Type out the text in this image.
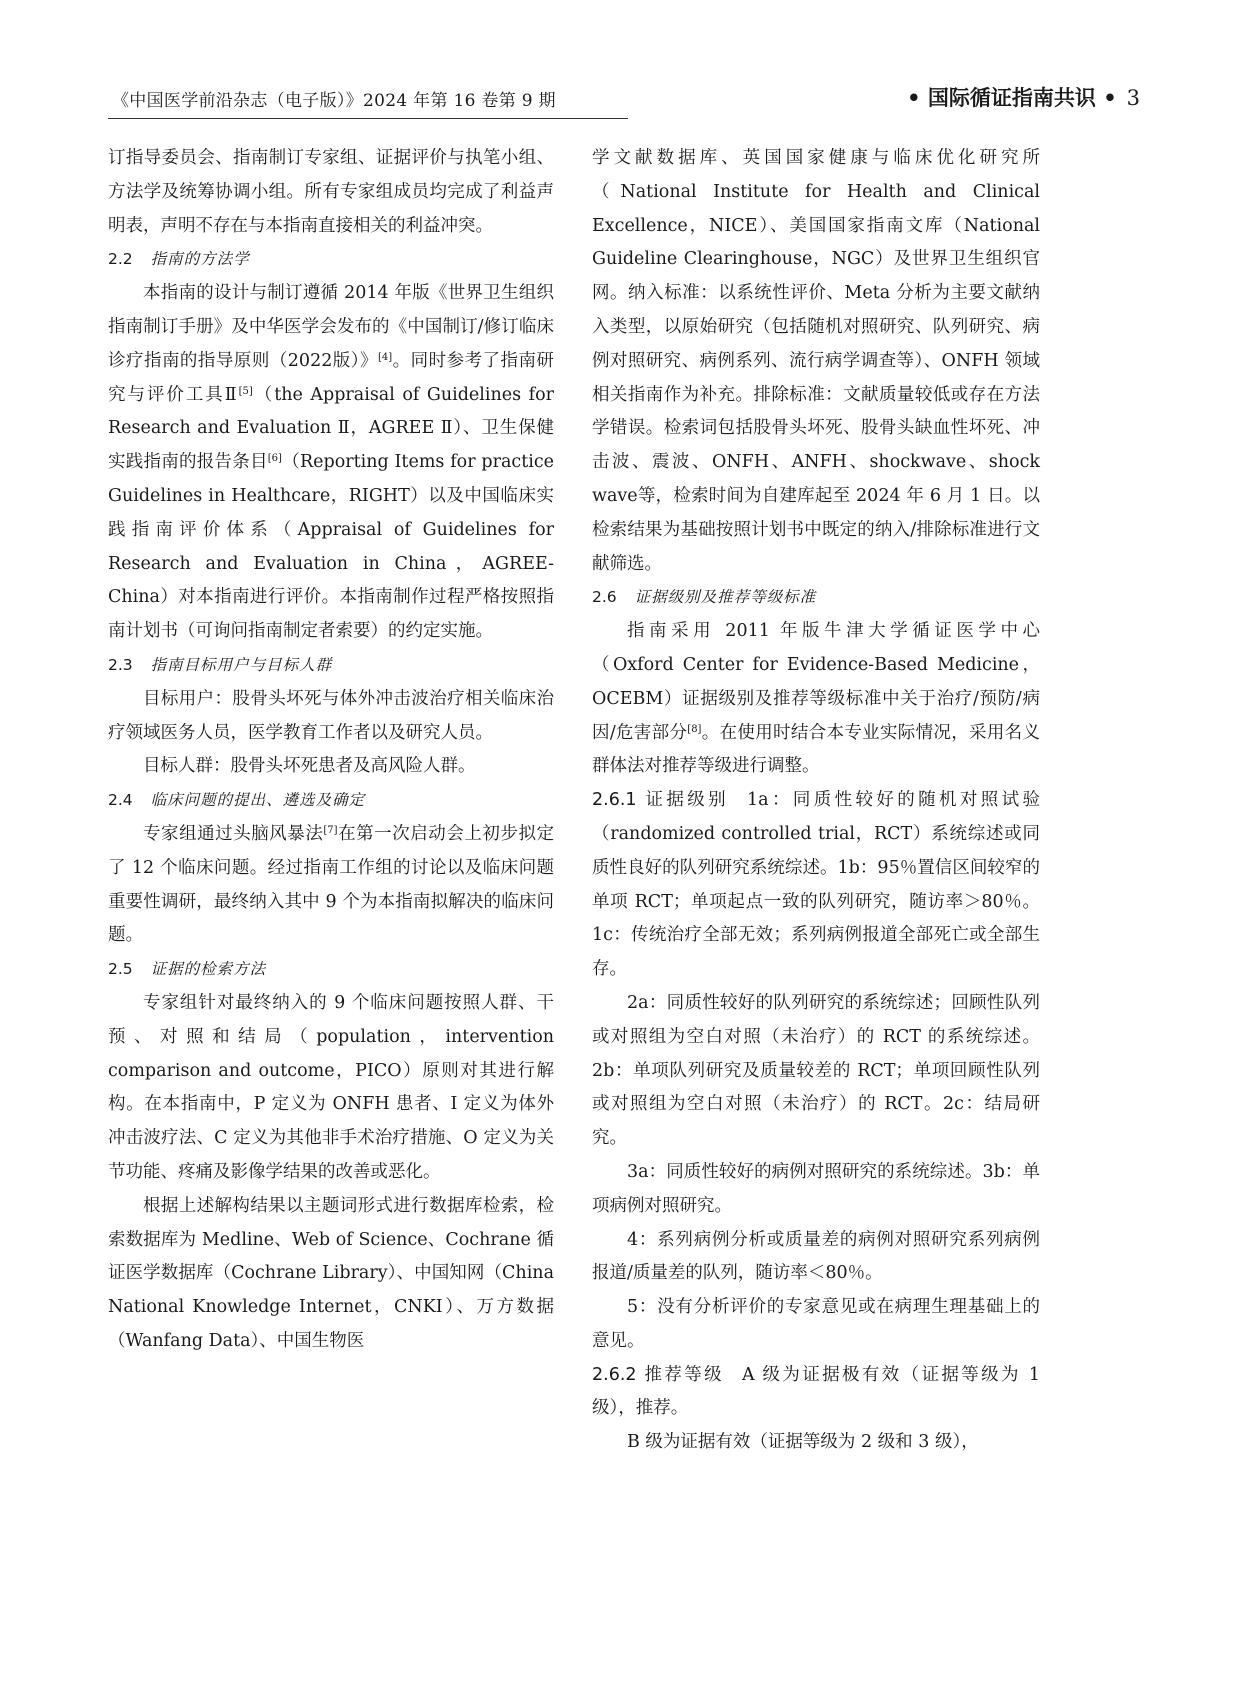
《中国医学前沿杂志（电子版）》2024 年第 16 卷第 9 期	• 国际循证指南共识 • 3

订指导委员会、指南制订专家组、证据评价与执笔小组、方法学及统筹协调小组。所有专家组成员均完成了利益声明表，声明不存在与本指南直接相关的利益冲突。

2.2 指南的方法学

本指南的设计与制订遵循 2014 年版《世界卫生组织指南制订手册》及中华医学会发布的《中国制订/修订临床诊疗指南的指导原则（2022版）》[4]。同时参考了指南研究与评价工具Ⅱ[5]（the Appraisal of Guidelines for Research and Evaluation Ⅱ，AGREE Ⅱ）、卫生保健实践指南的报告条目[6]（Reporting Items for practice Guidelines in Healthcare，RIGHT）以及中国临床实践指南评价体系（Appraisal of Guidelines for Research and Evaluation in China，AGREE-China）对本指南进行评价。本指南制作过程严格按照指南计划书（可询问指南制定者索要）的约定实施。

2.3 指南目标用户与目标人群

目标用户：股骨头坏死与体外冲击波治疗相关临床治疗领域医务人员，医学教育工作者以及研究人员。

目标人群：股骨头坏死患者及高风险人群。

2.4 临床问题的提出、遴选及确定

专家组通过头脑风暴法[7]在第一次启动会上初步拟定了 12 个临床问题。经过指南工作组的讨论以及临床问题重要性调研，最终纳入其中 9 个为本指南拟解决的临床问题。

2.5 证据的检索方法

专家组针对最终纳入的 9 个临床问题按照人群、干预、对照和结局（population，intervention comparison and outcome，PICO）原则对其进行解构。在本指南中，P 定义为 ONFH 患者、I 定义为体外冲击波疗法、C 定义为其他非手术治疗措施、O 定义为关节功能、疼痛及影像学结果的改善或恶化。

根据上述解构结果以主题词形式进行数据库检索，检索数据库为 Medline、Web of Science、Cochrane 循证医学数据库（Cochrane Library）、中国知网（China National Knowledge Internet，CNKI）、万方数据（Wanfang Data）、中国生物医

学文献数据库、英国国家健康与临床优化研究所（National Institute for Health and Clinical Excellence，NICE）、美国国家指南文库（National Guideline Clearinghouse，NGC）及世界卫生组织官网。纳入标准：以系统性评价、Meta 分析为主要文献纳入类型，以原始研究（包括随机对照研究、队列研究、病例对照研究、病例系列、流行病学调查等）、ONFH 领域相关指南作为补充。排除标准：文献质量较低或存在方法学错误。检索词包括股骨头坏死、股骨头缺血性坏死、冲击波、震波、ONFH、ANFH、shockwave、shock wave等，检索时间为自建库起至 2024 年 6 月 1 日。以检索结果为基础按照计划书中既定的纳入/排除标准进行文献筛选。

2.6 证据级别及推荐等级标准

指南采用 2011 年版牛津大学循证医学中心（Oxford Center for Evidence-Based Medicine，OCEBM）证据级别及推荐等级标准中关于治疗/预防/病因/危害部分[8]。在使用时结合本专业实际情况，采用名义群体法对推荐等级进行调整。

2.6.1 证据级别 1a：同质性较好的随机对照试验（randomized controlled trial，RCT）系统综述或同质性良好的队列研究系统综述。1b：95％置信区间较窄的单项 RCT；单项起点一致的队列研究，随访率＞80％。1c：传统治疗全部无效；系列病例报道全部死亡或全部生存。

2a：同质性较好的队列研究的系统综述；回顾性队列或对照组为空白对照（未治疗）的 RCT 的系统综述。2b：单项队列研究及质量较差的 RCT；单项回顾性队列或对照组为空白对照（未治疗）的 RCT。2c：结局研究。

3a：同质性较好的病例对照研究的系统综述。3b：单项病例对照研究。

4：系列病例分析或质量差的病例对照研究系列病例报道/质量差的队列，随访率＜80％。

5：没有分析评价的专家意见或在病理生理基础上的意见。

2.6.2 推荐等级 A 级为证据极有效（证据等级为 1 级），推荐。

B 级为证据有效（证据等级为 2 级和 3 级），
